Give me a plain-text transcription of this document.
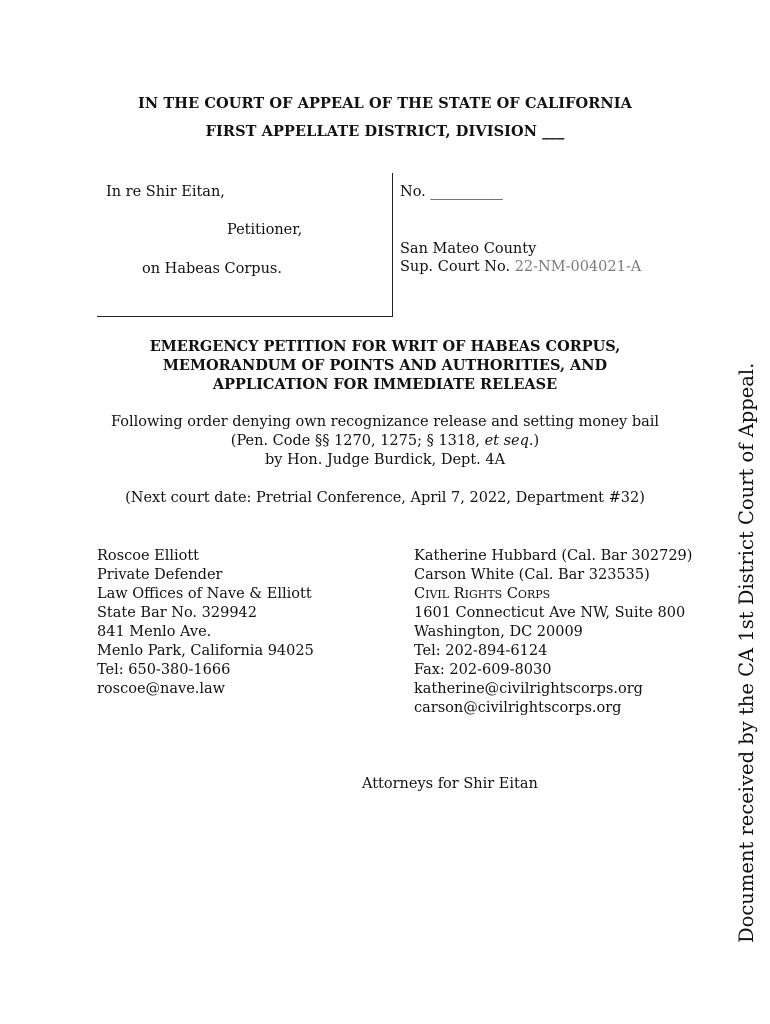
IN THE COURT OF APPEAL OF THE STATE OF CALIFORNIA
FIRST APPELLATE DISTRICT, DIVISION ___
In re Shir Eitan,
Petitioner,
on Habeas Corpus.
No. __________
San Mateo County
Sup. Court No. 22-NM-004021-A
EMERGENCY PETITION FOR WRIT OF HABEAS CORPUS,
MEMORANDUM OF POINTS AND AUTHORITIES, AND
APPLICATION FOR IMMEDIATE RELEASE
Following order denying own recognizance release and setting money bail
(Pen. Code §§ 1270, 1275; § 1318, et seq.)
by Hon. Judge Burdick, Dept. 4A
(Next court date: Pretrial Conference, April 7, 2022, Department #32)
Roscoe Elliott
Private Defender
Law Offices of Nave & Elliott
State Bar No. 329942
841 Menlo Ave.
Menlo Park, California 94025
Tel: 650-380-1666
roscoe@nave.law
Katherine Hubbard (Cal. Bar 302729)
Carson White (Cal. Bar 323535)
CIVIL RIGHTS CORPS
1601 Connecticut Ave NW, Suite 800
Washington, DC 20009
Tel: 202-894-6124
Fax: 202-609-8030
katherine@civilrightscorps.org
carson@civilrightscorps.org
Attorneys for Shir Eitan	Document received by the CA 1st District Court of Appeal.
